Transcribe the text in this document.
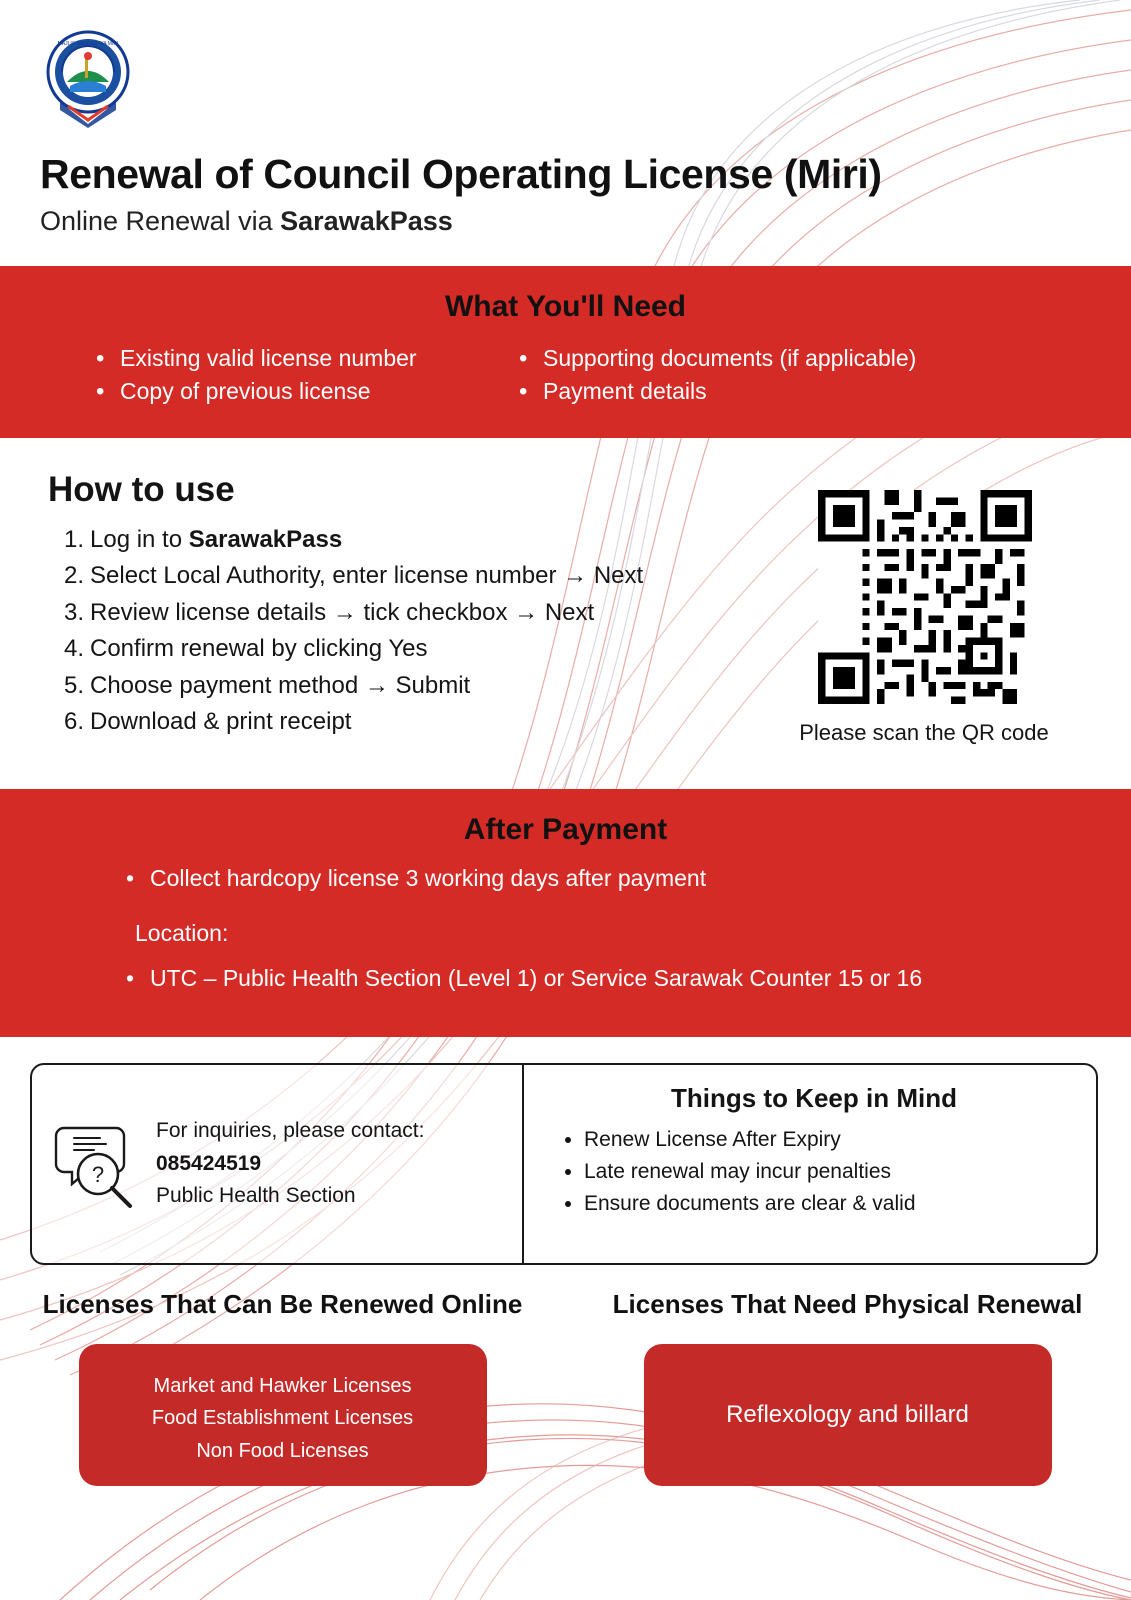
MAJLIS BANDARAYA MIRI
Renewal of Council Operating License (Miri)
Online Renewal via SarawakPass
What You'll Need
• Existing valid license number
• Copy of previous license
• Supporting documents (if applicable)
• Payment details
How to use
Log in to SarawakPass
Select Local Authority, enter license number → Next
Review license details → tick checkbox → Next
Confirm renewal by clicking Yes
Choose payment method → Submit
Download & print receipt	Please scan the QR code
After Payment
• Collect hardcopy license 3 working days after payment
Location:
• UTC – Public Health Section (Level 1) or Service Sarawak Counter 15 or 16
?
For inquiries, please contact:
085424519
Public Health Section
Things to Keep in Mind
• Renew License After Expiry
• Late renewal may incur penalties
• Ensure documents are clear & valid
Licenses That Can Be Renewed Online
Market and Hawker Licenses
Food Establishment Licenses
Non Food Licenses
Licenses That Need Physical Renewal
Reflexology and billard
